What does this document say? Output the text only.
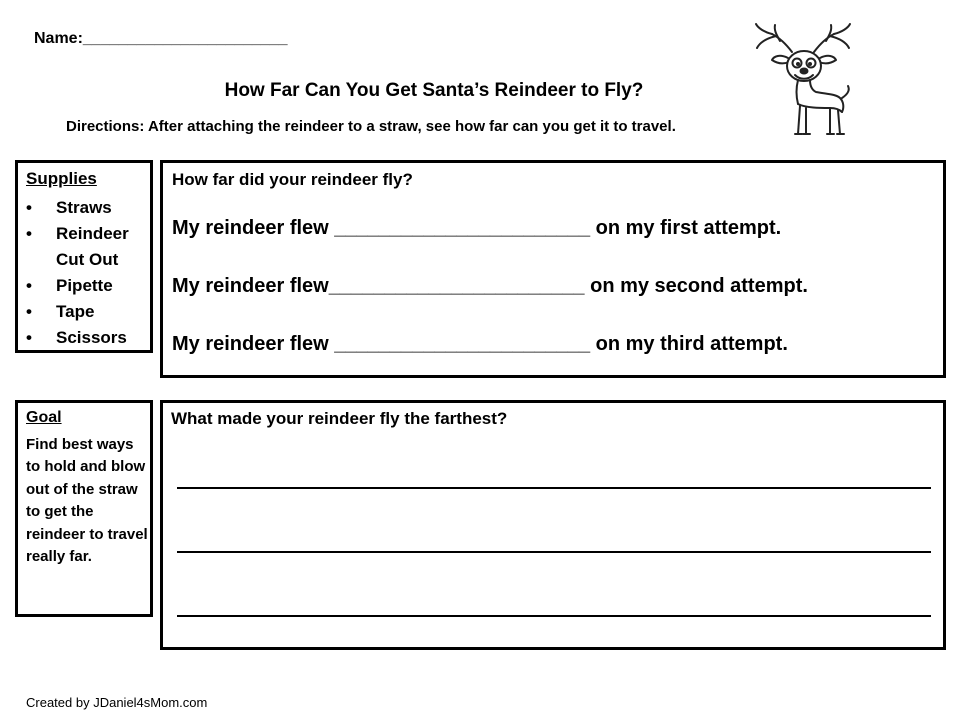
Name:_______________________
How Far Can You Get Santa’s Reindeer to Fly?
Directions: After attaching the reindeer to a straw, see how far can you get it to travel.
Supplies
• Straws
• Reindeer Cut Out
• Pipette
• Tape
• Scissors
How far did your reindeer fly?
My reindeer flew _______________________ on my first attempt.
My reindeer flew_______________________ on my second attempt.
My reindeer flew _______________________ on my third attempt.
Goal
Find best ways to hold and blow out of the straw to get the reindeer to travel really far.
What made your reindeer fly the farthest?
Created by JDaniel4sMom.com
